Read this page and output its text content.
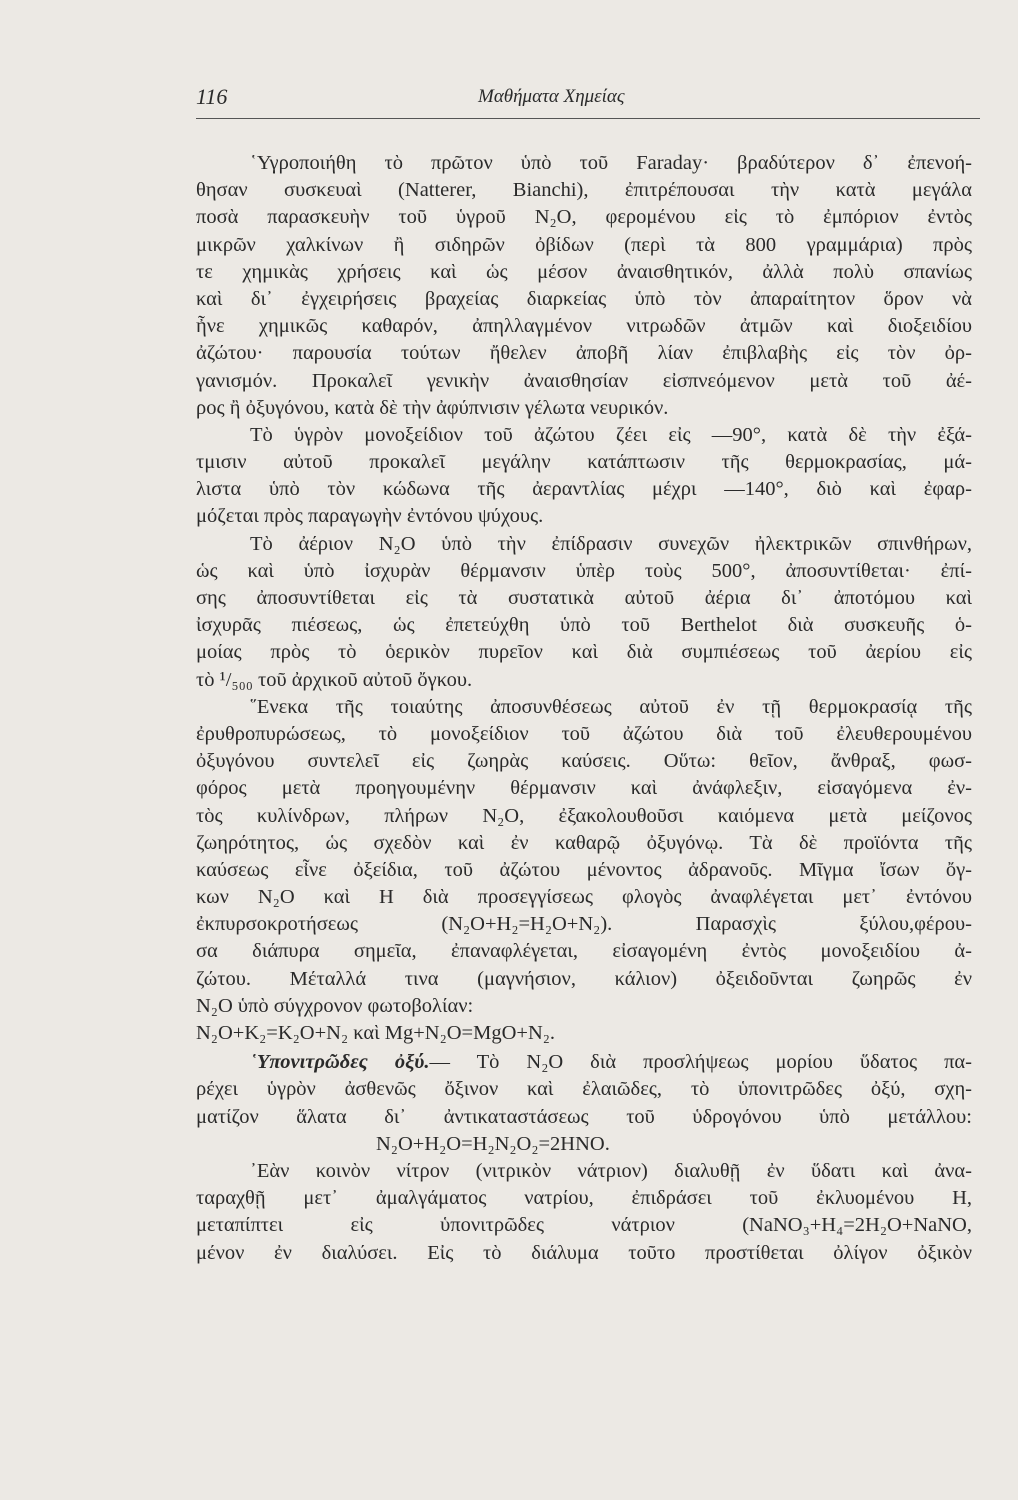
116	Μαθήματα Χημείας
῾Υγροποιήθη τὸ πρῶτον ὑπὸ τοῦ Faraday· βραδύτερον δ᾽ ἐπενοή-
θησαν συσκευαὶ (Natterer, Bianchi), ἐπιτρέπουσαι τὴν κατὰ μεγάλα
ποσὰ παρασκευὴν τοῦ ὑγροῦ N₂O, φερομένου εἰς τὸ ἐμπόριον ἐντὸς
μικρῶν χαλκίνων ἢ σιδηρῶν ὀβίδων (περὶ τὰ 800 γραμμάρια) πρὸς
τε χημικὰς χρήσεις καὶ ὡς μέσον ἀναισθητικόν, ἀλλὰ πολὺ σπανίως
καὶ δι᾽ ἐγχειρήσεις βραχείας διαρκείας ὑπὸ τὸν ἀπαραίτητον ὅρον νὰ
ἦνε χημικῶς καθαρόν, ἀπηλλαγμένον νιτρωδῶν ἀτμῶν καὶ διοξειδίου
ἀζώτου· παρουσία τούτων ἤθελεν ἀποβῆ λίαν ἐπιβλαβὴς εἰς τὸν ὀρ-
γανισμόν. Προκαλεῖ γενικὴν ἀναισθησίαν εἰσπνεόμενον μετὰ τοῦ ἀέ-
ρος ἢ ὀξυγόνου, κατὰ δὲ τὴν ἀφύπνισιν γέλωτα νευρικόν.
Τὸ ὑγρὸν μονοξείδιον τοῦ ἀζώτου ζέει εἰς —90°, κατὰ δὲ τὴν ἐξά-
τμισιν αὐτοῦ προκαλεῖ μεγάλην κατάπτωσιν τῆς θερμοκρασίας, μά-
λιστα ὑπὸ τὸν κώδωνα τῆς ἀεραντλίας μέχρι —140°, διὸ καὶ ἐφαρ-
μόζεται πρὸς παραγωγὴν ἐντόνου ψύχους.
Τὸ ἀέριον N₂O ὑπὸ τὴν ἐπίδρασιν συνεχῶν ἠλεκτρικῶν σπινθήρων,
ὡς καὶ ὑπὸ ἰσχυρὰν θέρμανσιν ὑπὲρ τοὺς 500°, ἀποσυντίθεται· ἐπί-
σης ἀποσυντίθεται εἰς τὰ συστατικὰ αὐτοῦ ἀέρια δι᾽ ἀποτόμου καὶ
ἰσχυρᾶς πιέσεως, ὡς ἐπετεύχθη ὑπὸ τοῦ Berthelot διὰ συσκευῆς ὁ-
μοίας πρὸς τὸ ὁερικὸν πυρεῖον καὶ διὰ συμπιέσεως τοῦ ἀερίου εἰς
τὸ ¹/₅₀₀ τοῦ ἀρχικοῦ αὐτοῦ ὄγκου.
῞Ενεκα τῆς τοιαύτης ἀποσυνθέσεως αὐτοῦ ἐν τῇ θερμοκρασίᾳ τῆς
ἐρυθροπυρώσεως, τὸ μονοξείδιον τοῦ ἀζώτου διὰ τοῦ ἐλευθερουμένου
ὀξυγόνου συντελεῖ εἰς ζωηρὰς καύσεις. Οὕτω: θεῖον, ἄνθραξ, φωσ-
φόρος μετὰ προηγουμένην θέρμανσιν καὶ ἀνάφλεξιν, εἰσαγόμενα ἐν-
τὸς κυλίνδρων, πλήρων N₂O, ἐξακολουθοῦσι καιόμενα μετὰ μείζονος
ζωηρότητος, ὡς σχεδὸν καὶ ἐν καθαρῷ ὀξυγόνῳ. Τὰ δὲ προϊόντα τῆς
καύσεως εἶνε ὀξείδια, τοῦ ἀζώτου μένοντος ἀδρανοῦς. Μῖγμα ἴσων ὄγ-
κων N₂O καὶ H διὰ προσεγγίσεως φλογὸς ἀναφλέγεται μετ᾽ ἐντόνου
ἐκπυρσοκροτήσεως (N₂O+H₂=H₂O+N₂). Παρασχὶς ξύλου,φέρου-
σα διάπυρα σημεῖα, ἐπαναφλέγεται, εἰσαγομένη ἐντὸς μονοξειδίου ἀ-
ζώτου. Μέταλλά τινα (μαγνήσιον, κάλιον) ὀξειδοῦνται ζωηρῶς ἐν
N₂O ὑπὸ σύγχρονον φωτοβολίαν:
N₂O+K₂=K₂O+N₂ καὶ Mg+N₂O=MgO+N₂.
῾Υπονιτρῶδες ὀξύ.— Τὸ N₂O διὰ προσλήψεως μορίου ὕδατος πα-
ρέχει ὑγρὸν ἀσθενῶς ὄξινον καὶ ἐλαιῶδες, τὸ ὑπονιτρῶδες ὀξύ, σχη-
ματίζον ἅλατα δι᾽ ἀντικαταστάσεως τοῦ ὑδρογόνου ὑπὸ μετάλλου:
N₂O+H₂O=H₂N₂O₂=2HNO.
᾽Εὰν κοινὸν νίτρον (νιτρικὸν νάτριον) διαλυθῇ ἐν ὕδατι καὶ ἀνα-
ταραχθῇ μετ᾽ ἀμαλγάματος νατρίου, ἐπιδράσει τοῦ ἐκλυομένου H,
μεταπίπτει εἰς ὑπονιτρῶδες νάτριον (NaNO₃+H₄=2H₂O+NaNO,
μένον ἐν διαλύσει. Εἰς τὸ διάλυμα τοῦτο προστίθεται ὀλίγον ὀξικὸν
